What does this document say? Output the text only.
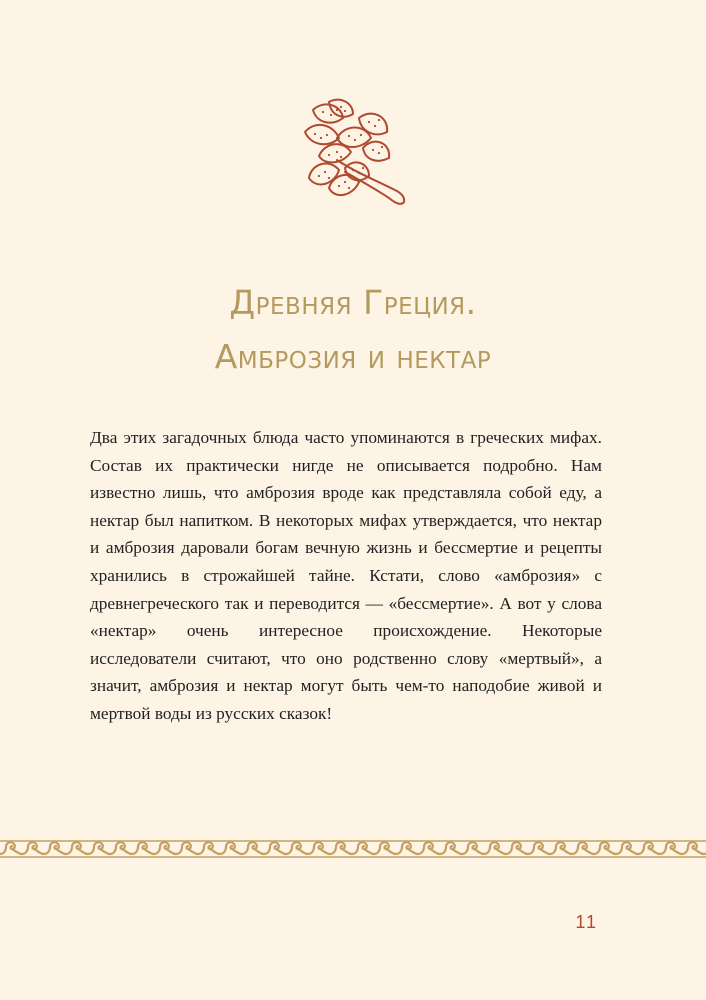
Древняя Греция.
Амброзия и нектар

Два этих загадочных блюда часто упоминаются в греческих мифах. Состав их практически нигде не описывается подробно. Нам известно лишь, что амброзия вроде как представляла собой еду, а нектар был напитком. В некоторых мифах утверждается, что нектар и амброзия даровали богам вечную жизнь и бессмертие и рецепты хранились в строжайшей тайне. Кстати, слово «амброзия» с древнегреческого так и переводится — «бессмертие». А вот у слова «нектар» очень интересное происхождение. Некоторые исследователи считают, что оно родственно слову «мертвый», а значит, амброзия и нектар могут быть чем-то наподобие живой и мертвой воды из русских сказок!

11
